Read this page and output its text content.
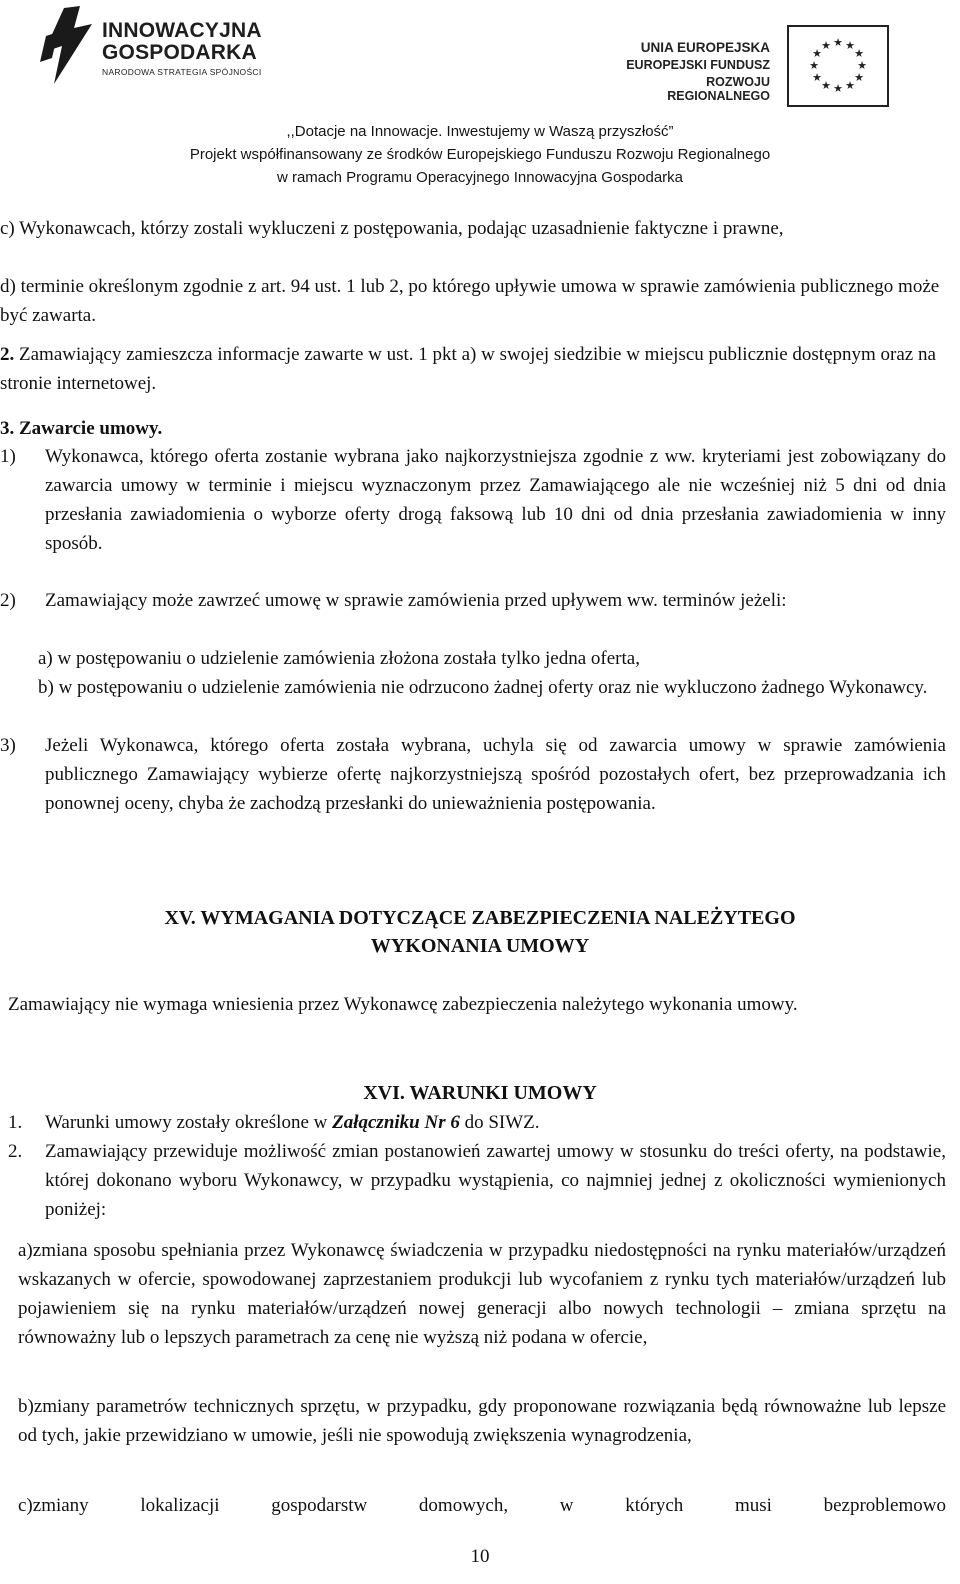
INNOWACYJNA
GOSPODARKA
NARODOWA STRATEGIA SPÓJNOŚCI
UNIA EUROPEJSKA
EUROPEJSKI FUNDUSZ
ROZWOJU REGIONALNEGO
★ ★
★
★
★
★
★
★
★
★
★
★
,,Dotacje na Innowacje. Inwestujemy w Waszą przyszłość”
Projekt współfinansowany ze środków Europejskiego Funduszu Rozwoju Regionalnego
w ramach Programu Operacyjnego Innowacyjna Gospodarka
c) Wykonawcach, którzy zostali wykluczeni z postępowania, podając uzasadnienie faktyczne i prawne,
d) terminie określonym zgodnie z art. 94 ust. 1 lub 2, po którego upływie umowa w sprawie zamówienia publicznego może być zawarta.
2. Zamawiający zamieszcza informacje zawarte w ust. 1 pkt a) w swojej siedzibie w miejscu publicznie dostępnym oraz na stronie internetowej.
3. Zawarcie umowy.
1)	Wykonawca, którego oferta zostanie wybrana jako najkorzystniejsza zgodnie z ww. kryteriami jest zobowiązany do zawarcia umowy w terminie i miejscu wyznaczonym przez Zamawiającego ale nie wcześniej niż 5 dni od dnia przesłania zawiadomienia o wyborze oferty drogą faksową lub 10 dni od dnia przesłania zawiadomienia w inny sposób.
2)	Zamawiający może zawrzeć umowę w sprawie zamówienia przed upływem ww. terminów jeżeli:
a) w postępowaniu o udzielenie zamówienia złożona została tylko jedna oferta,
b) w postępowaniu o udzielenie zamówienia nie odrzucono żadnej oferty oraz nie wykluczono żadnego Wykonawcy.
3)	Jeżeli Wykonawca, którego oferta została wybrana, uchyla się od zawarcia umowy w sprawie zamówienia publicznego Zamawiający wybierze ofertę najkorzystniejszą spośród pozostałych ofert, bez przeprowadzania ich ponownej oceny, chyba że zachodzą przesłanki do unieważnienia postępowania.
XV. WYMAGANIA DOTYCZĄCE ZABEZPIECZENIA NALEŻYTEGO
WYKONANIA UMOWY
Zamawiający nie wymaga wniesienia przez Wykonawcę zabezpieczenia należytego wykonania umowy.
XVI. WARUNKI UMOWY
1.	Warunki umowy zostały określone w Załączniku Nr 6 do SIWZ.
2.	Zamawiający przewiduje możliwość zmian postanowień zawartej umowy w stosunku do treści oferty, na podstawie, której dokonano wyboru Wykonawcy, w przypadku wystąpienia, co najmniej jednej z okoliczności wymienionych poniżej:
a)zmiana sposobu spełniania przez Wykonawcę świadczenia w przypadku niedostępności na rynku materiałów/urządzeń wskazanych w ofercie, spowodowanej zaprzestaniem produkcji lub wycofaniem z rynku tych materiałów/urządzeń lub pojawieniem się na rynku materiałów/urządzeń nowej generacji albo nowych technologii – zmiana sprzętu na równoważny lub o lepszych parametrach za cenę nie wyższą niż podana w ofercie,
b)zmiany parametrów technicznych sprzętu, w przypadku, gdy proponowane rozwiązania będą równoważne lub lepsze od tych, jakie przewidziano w umowie, jeśli nie spowodują zwiększenia wynagrodzenia,
c)zmiany lokalizacji gospodarstw domowych, w których musi bezproblemowo
10
